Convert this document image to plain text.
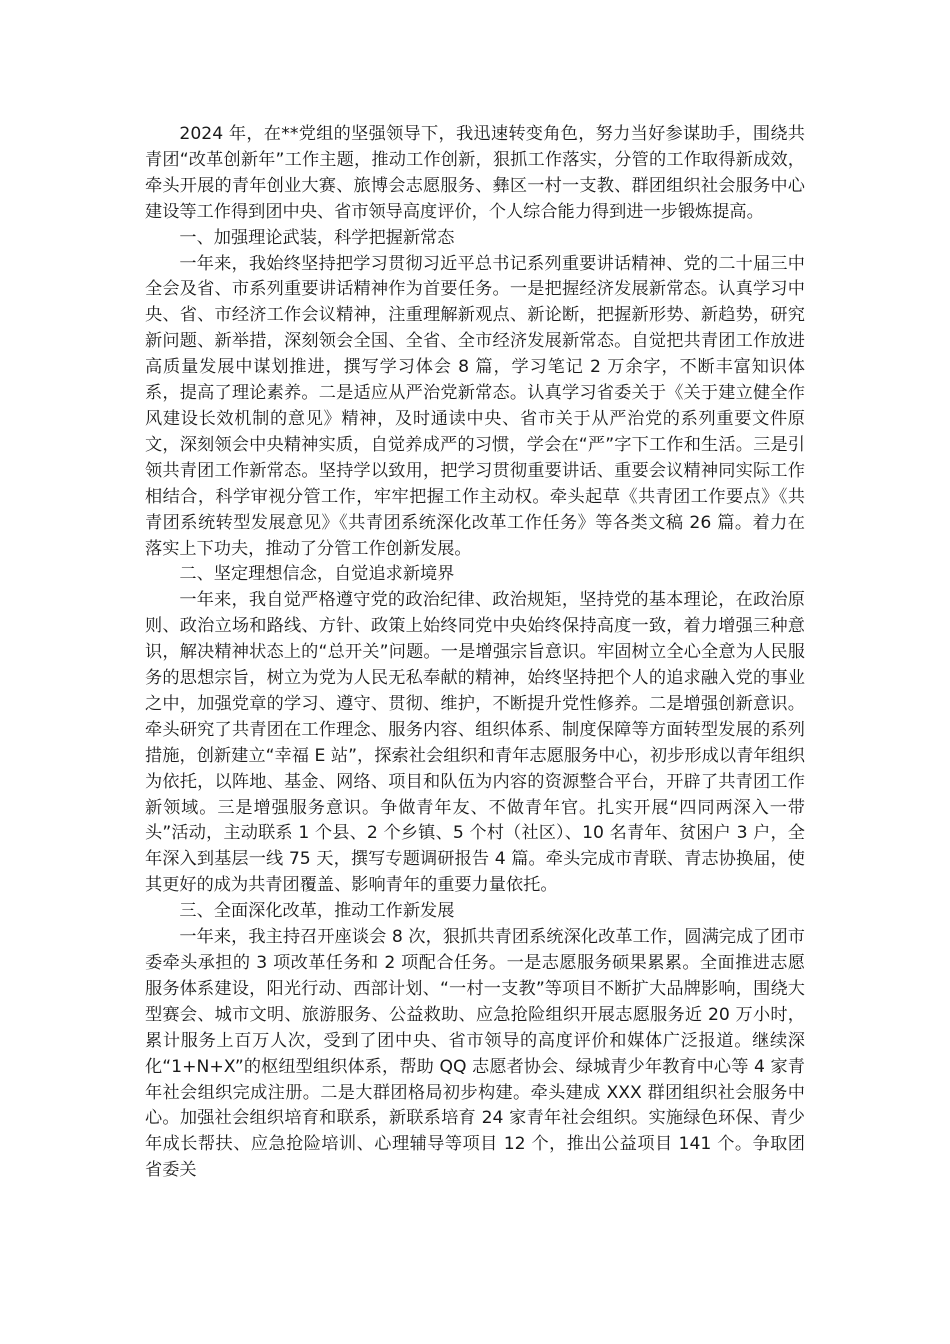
2024 年，在**党组的坚强领导下，我迅速转变角色，努力当好参谋助手，围绕共青团“改革创新年”工作主题，推动工作创新，狠抓工作落实，分管的工作取得新成效，牵头开展的青年创业大赛、旅博会志愿服务、彝区一村一支教、群团组织社会服务中心建设等工作得到团中央、省市领导高度评价，个人综合能力得到进一步锻炼提高。

一、加强理论武装，科学把握新常态

一年来，我始终坚持把学习贯彻习近平总书记系列重要讲话精神、党的二十届三中全会及省、市系列重要讲话精神作为首要任务。一是把握经济发展新常态。认真学习中央、省、市经济工作会议精神，注重理解新观点、新论断，把握新形势、新趋势，研究新问题、新举措，深刻领会全国、全省、全市经济发展新常态。自觉把共青团工作放进高质量发展中谋划推进，撰写学习体会 8 篇，学习笔记 2 万余字，不断丰富知识体系，提高了理论素养。二是适应从严治党新常态。认真学习省委关于《关于建立健全作风建设长效机制的意见》精神，及时通读中央、省市关于从严治党的系列重要文件原文，深刻领会中央精神实质，自觉养成严的习惯，学会在“严”字下工作和生活。三是引领共青团工作新常态。坚持学以致用，把学习贯彻重要讲话、重要会议精神同实际工作相结合，科学审视分管工作，牢牢把握工作主动权。牵头起草《共青团工作要点》《共青团系统转型发展意见》《共青团系统深化改革工作任务》等各类文稿 26 篇。着力在落实上下功夫，推动了分管工作创新发展。

二、坚定理想信念，自觉追求新境界

一年来，我自觉严格遵守党的政治纪律、政治规矩，坚持党的基本理论，在政治原则、政治立场和路线、方针、政策上始终同党中央始终保持高度一致，着力增强三种意识，解决精神状态上的“总开关”问题。一是增强宗旨意识。牢固树立全心全意为人民服务的思想宗旨，树立为党为人民无私奉献的精神，始终坚持把个人的追求融入党的事业之中，加强党章的学习、遵守、贯彻、维护，不断提升党性修养。二是增强创新意识。牵头研究了共青团在工作理念、服务内容、组织体系、制度保障等方面转型发展的系列措施，创新建立“幸福 E 站”，探索社会组织和青年志愿服务中心，初步形成以青年组织为依托，以阵地、基金、网络、项目和队伍为内容的资源整合平台，开辟了共青团工作新领域。三是增强服务意识。争做青年友、不做青年官。扎实开展“四同两深入一带头”活动，主动联系 1 个县、2 个乡镇、5 个村（社区）、10 名青年、贫困户 3 户，全年深入到基层一线 75 天，撰写专题调研报告 4 篇。牵头完成市青联、青志协换届，使其更好的成为共青团覆盖、影响青年的重要力量依托。

三、全面深化改革，推动工作新发展

一年来，我主持召开座谈会 8 次，狠抓共青团系统深化改革工作，圆满完成了团市委牵头承担的 3 项改革任务和 2 项配合任务。一是志愿服务硕果累累。全面推进志愿服务体系建设，阳光行动、西部计划、“一村一支教”等项目不断扩大品牌影响，围绕大型赛会、城市文明、旅游服务、公益救助、应急抢险组织开展志愿服务近 20 万小时，累计服务上百万人次，受到了团中央、省市领导的高度评价和媒体广泛报道。继续深化“1+N+X”的枢纽型组织体系，帮助 QQ 志愿者协会、绿城青少年教育中心等 4 家青年社会组织完成注册。二是大群团格局初步构建。牵头建成 XXX 群团组织社会服务中心。加强社会组织培育和联系，新联系培育 24 家青年社会组织。实施绿色环保、青少年成长帮扶、应急抢险培训、心理辅导等项目 12 个，推出公益项目 141 个。争取团省委关
